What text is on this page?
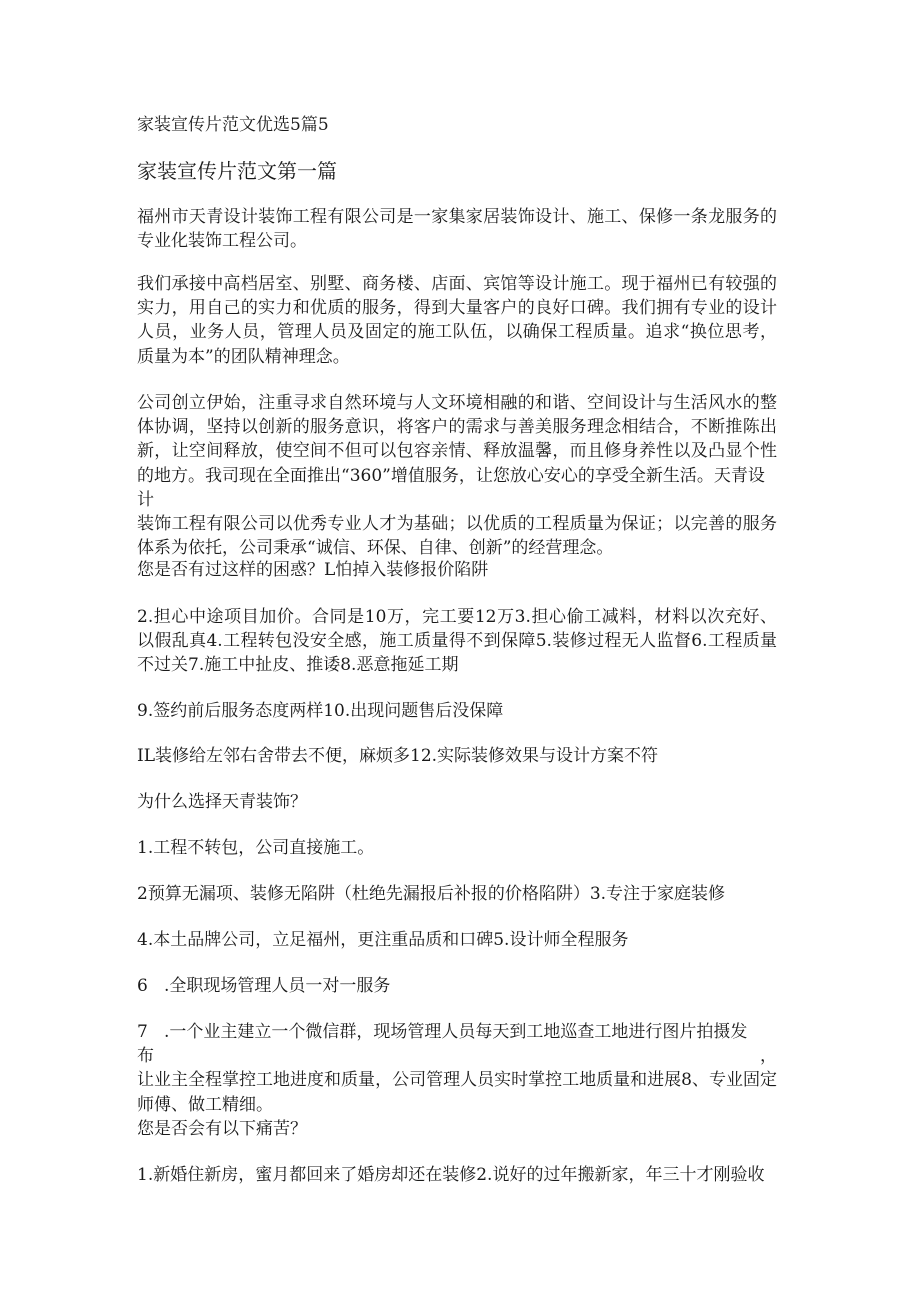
家装宣传片范文优选5篇5
家装宣传片范文第一篇
福州市天青设计装饰工程有限公司是一家集家居装饰设计、施工、保修一条龙服务的
专业化装饰工程公司。
我们承接中高档居室、别墅、商务楼、店面、宾馆等设计施工。现于福州已有较强的
实力，用自己的实力和优质的服务，得到大量客户的良好口碑。我们拥有专业的设计
人员，业务人员，管理人员及固定的施工队伍，以确保工程质量。追求“换位思考，
质量为本”的团队精神理念。
公司创立伊始，注重寻求自然环境与人文环境相融的和谐、空间设计与生活风水的整
体协调，坚持以创新的服务意识，将客户的需求与善美服务理念相结合，不断推陈出
新，让空间释放，使空间不但可以包容亲情、释放温馨，而且修身养性以及凸显个性
的地方。我司现在全面推出“360”增值服务，让您放心安心的享受全新生活。天青设计
装饰工程有限公司以优秀专业人才为基础；以优质的工程质量为保证；以完善的服务
体系为依托，公司秉承“诚信、环保、自律、创新”的经营理念。
您是否有过这样的困惑？L怕掉入装修报价陷阱
2.担心中途项目加价。合同是10万，完工要12万3.担心偷工减料，材料以次充好、
以假乱真4.工程转包没安全感，施工质量得不到保障5.装修过程无人监督6.工程质量
不过关7.施工中扯皮、推诿8.恶意拖延工期
9.签约前后服务态度两样10.出现问题售后没保障
IL装修给左邻右舍带去不便，麻烦多12.实际装修效果与设计方案不符
为什么选择天青装饰？
1.工程不转包，公司直接施工。
2预算无漏项、装修无陷阱（杜绝先漏报后补报的价格陷阱）3.专注于家庭装修
4.本土品牌公司，立足福州，更注重品质和口碑5.设计师全程服务
6   .全职现场管理人员一对一服务
7   .一个业主建立一个微信群，现场管理人员每天到工地巡查工地进行图片拍摄发布，
让业主全程掌控工地进度和质量，公司管理人员实时掌控工地质量和进展8、专业固定
师傅、做工精细。
您是否会有以下痛苦？
1.新婚住新房，蜜月都回来了婚房却还在装修2.说好的过年搬新家，年三十才刚验收
